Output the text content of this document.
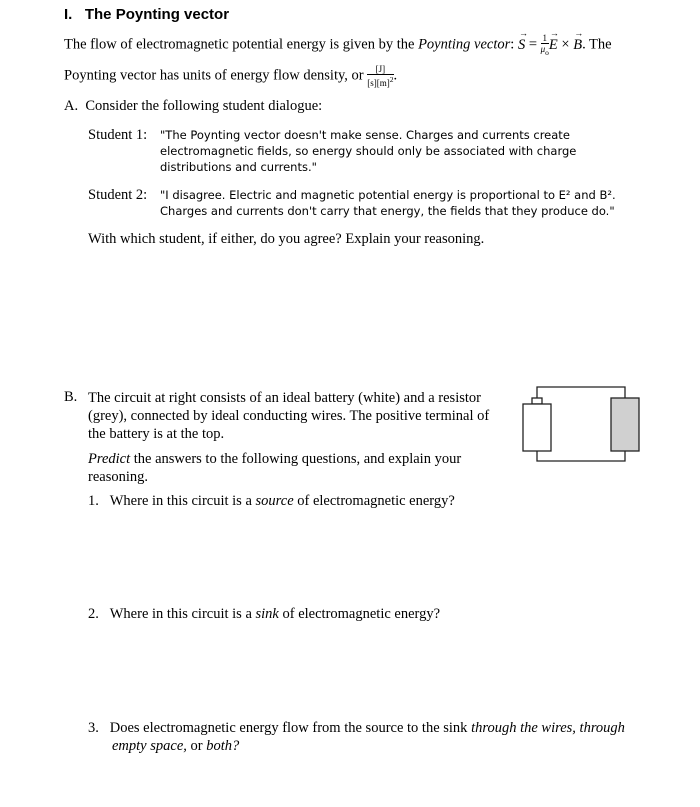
I. The Poynting vector
The flow of electromagnetic potential energy is given by the Poynting vector: → $S = \frac{1}{\mu_o} \to E$ × → B. The
Poynting vector has units of energy flow density, or $\frac{[J]}{[s][m]^2}$ .
A. Consider the following student dialogue:
Student 1: "The Poynting vector doesn't make sense. Charges and currents create
electromagnetic fields, so energy should only be associated with charge
distributions and currents."
Student 2: "I disagree. Electric and magnetic potential energy is proportional to E² and B².
Charges and currents don't carry that energy, the fields that they produce do."
With which student, if either, do you agree? Explain your reasoning.
B. The circuit at right consists of an ideal battery (white) and a resistor
(grey), connected by ideal conducting wires. The positive terminal of
the battery is at the top.
Predict the answers to the following questions, and explain your
reasoning.
1. Where in this circuit is a source of electromagnetic energy?
2. Where in this circuit is a sink of electromagnetic energy?
3. Does electromagnetic energy flow from the source to the sink through the wires, through
empty space, or both?
